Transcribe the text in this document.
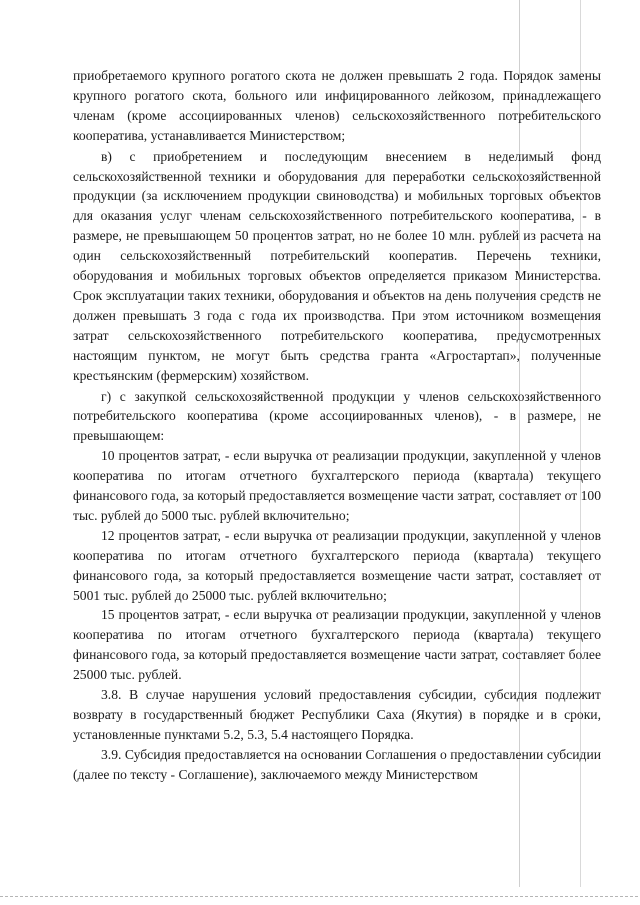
приобретаемого крупного рогатого скота не должен превышать 2 года. Порядок замены крупного рогатого скота, больного или инфицированного лейкозом, принадлежащего членам (кроме ассоциированных членов) сельскохозяйственного потребительского кооператива, устанавливается Министерством;

в) с приобретением и последующим внесением в неделимый фонд сельскохозяйственной техники и оборудования для переработки сельскохозяйственной продукции (за исключением продукции свиноводства) и мобильных торговых объектов для оказания услуг членам сельскохозяйственного потребительского кооператива, - в размере, не превышающем 50 процентов затрат, но не более 10 млн. рублей из расчета на один сельскохозяйственный потребительский кооператив. Перечень техники, оборудования и мобильных торговых объектов определяется приказом Министерства. Срок эксплуатации таких техники, оборудования и объектов на день получения средств не должен превышать 3 года с года их производства. При этом источником возмещения затрат сельскохозяйственного потребительского кооператива, предусмотренных настоящим пунктом, не могут быть средства гранта «Агростартап», полученные крестьянским (фермерским) хозяйством.

г) с закупкой сельскохозяйственной продукции у членов сельскохозяйственного потребительского кооператива (кроме ассоциированных членов), - в размере, не превышающем:

10 процентов затрат, - если выручка от реализации продукции, закупленной у членов кооператива по итогам отчетного бухгалтерского периода (квартала) текущего финансового года, за который предоставляется возмещение части затрат, составляет от 100 тыс. рублей до 5000 тыс. рублей включительно;

12 процентов затрат, - если выручка от реализации продукции, закупленной у членов кооператива по итогам отчетного бухгалтерского периода (квартала) текущего финансового года, за который предоставляется возмещение части затрат, составляет от 5001 тыс. рублей до 25000 тыс. рублей включительно;

15 процентов затрат, - если выручка от реализации продукции, закупленной у членов кооператива по итогам отчетного бухгалтерского периода (квартала) текущего финансового года, за который предоставляется возмещение части затрат, составляет более 25000 тыс. рублей.

3.8. В случае нарушения условий предоставления субсидии, субсидия подлежит возврату в государственный бюджет Республики Саха (Якутия) в порядке и в сроки, установленные пунктами 5.2, 5.3, 5.4 настоящего Порядка.

3.9. Субсидия предоставляется на основании Соглашения о предоставлении субсидии (далее по тексту - Соглашение), заключаемого между Министерством
